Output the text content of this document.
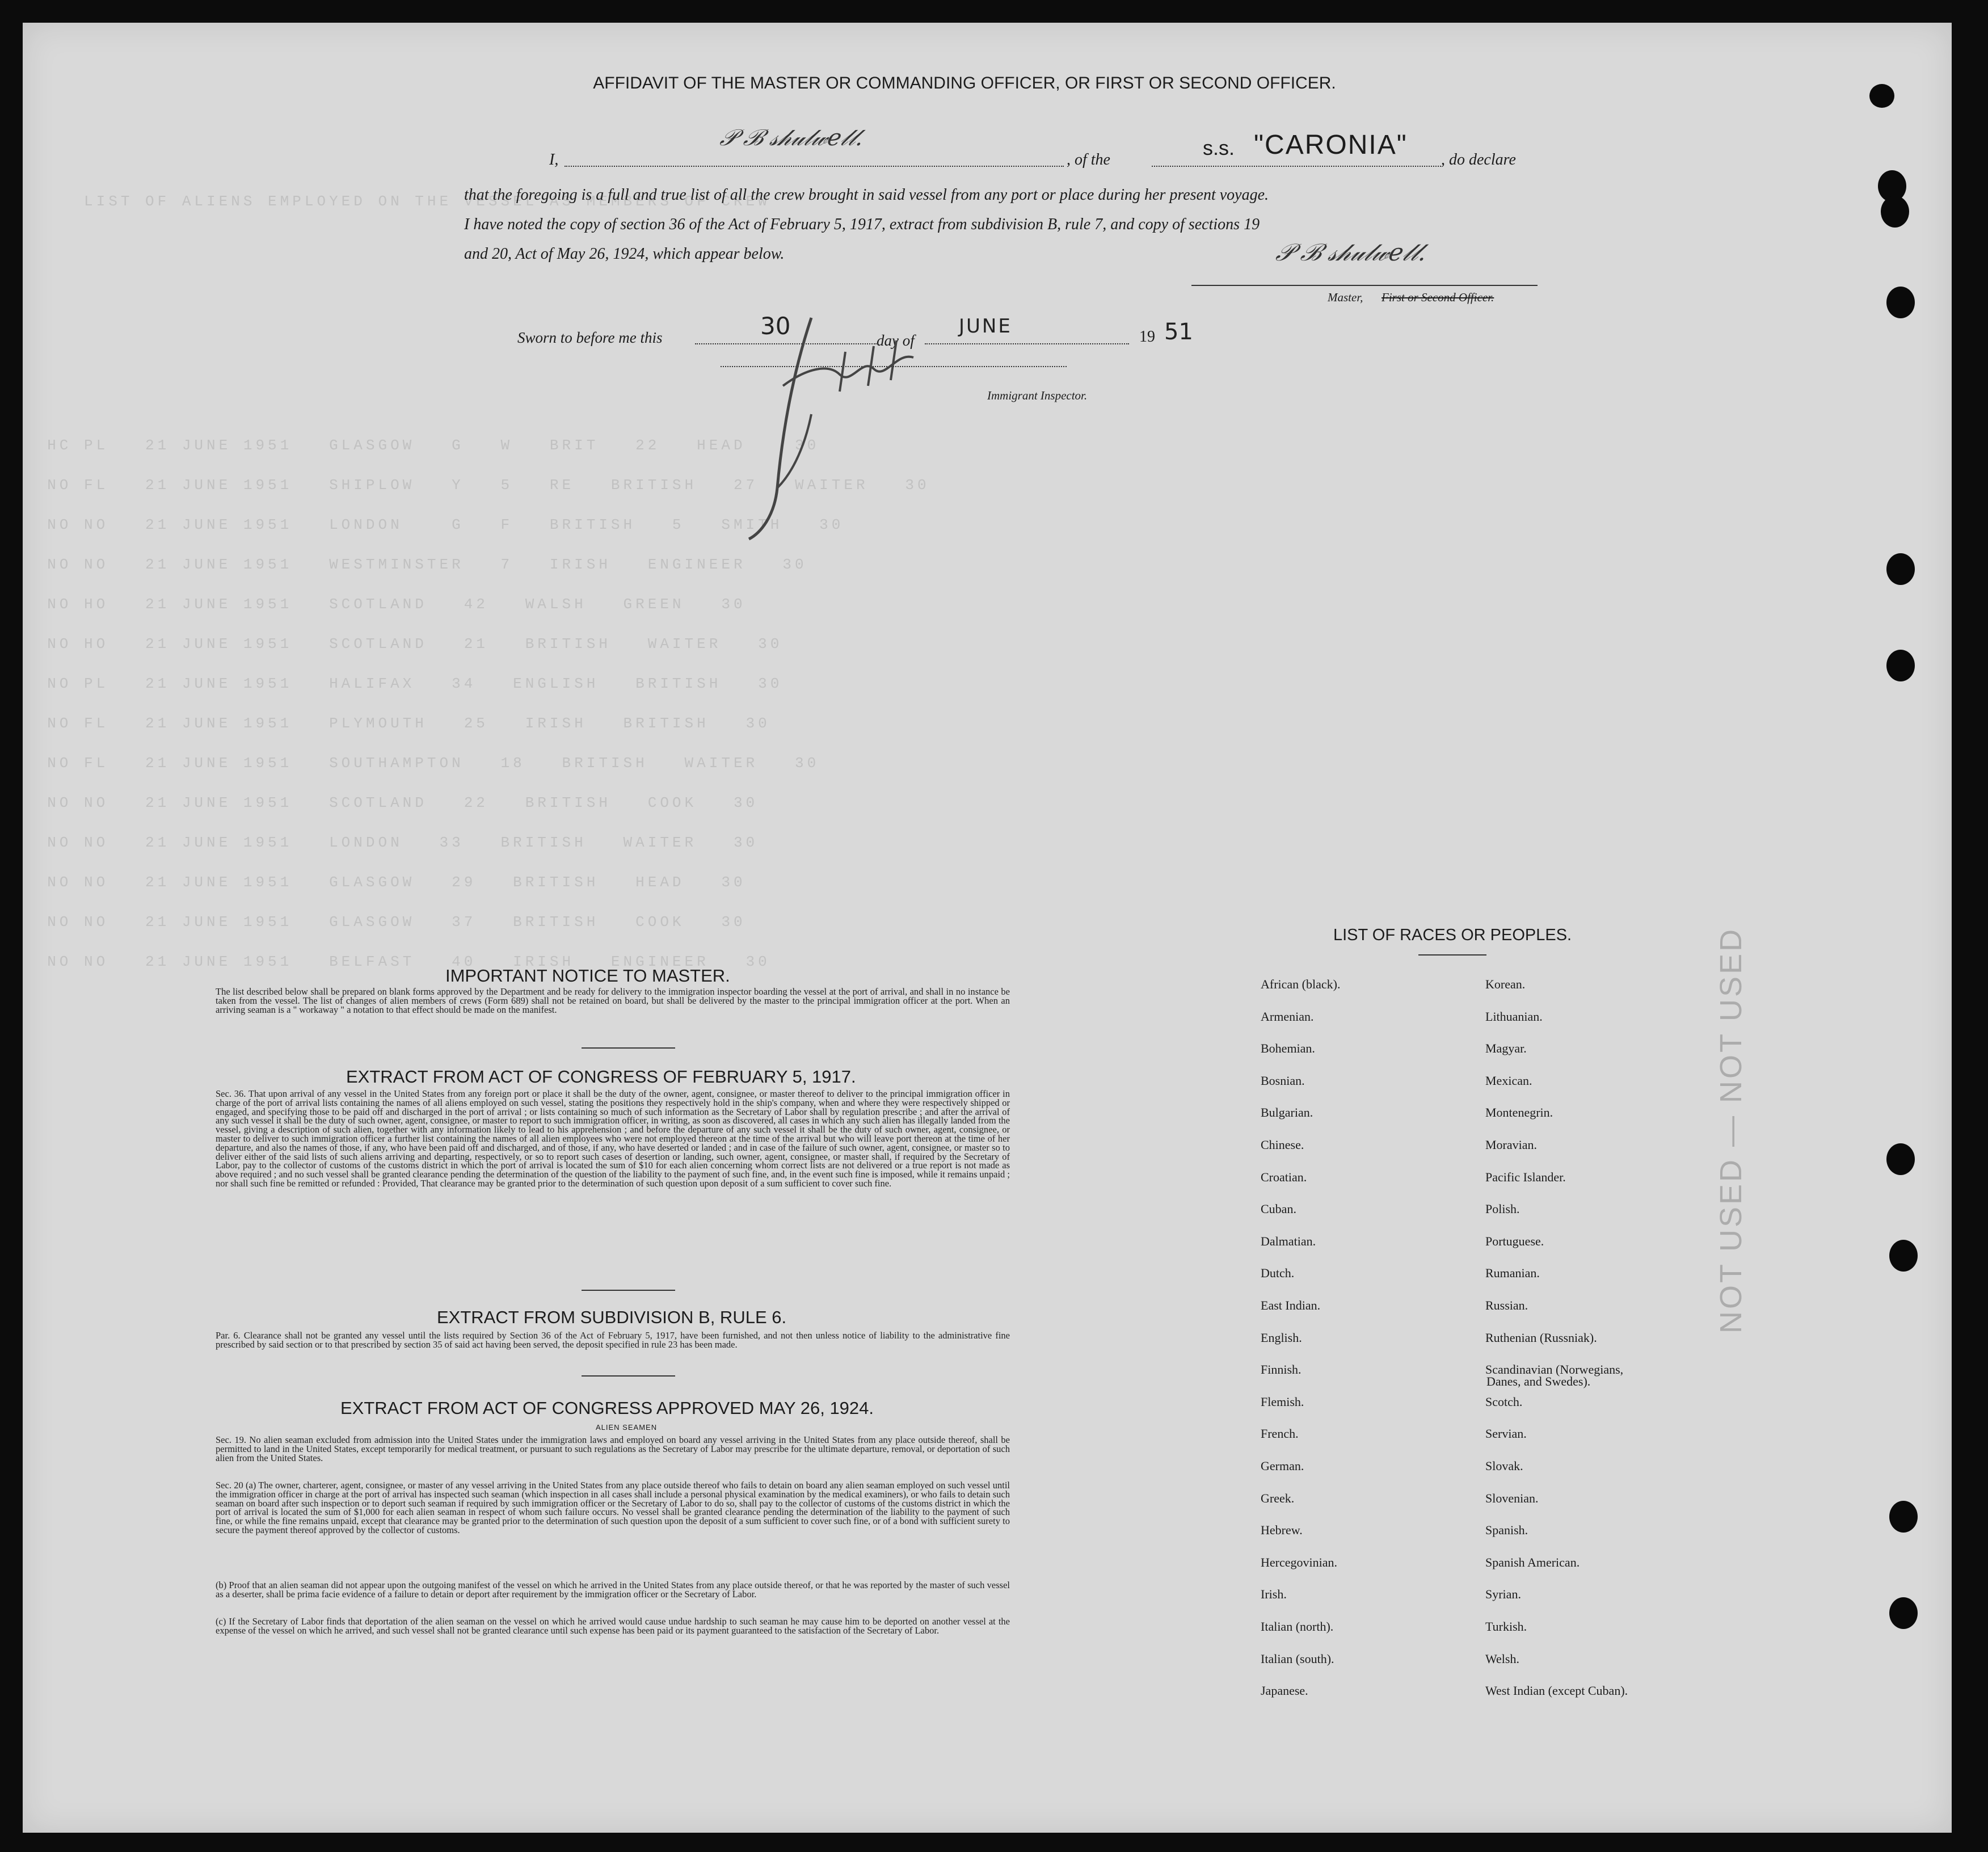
LIST OF ALIENS EMPLOYED ON THE VESSEL AS MEMBERS OF CREW
HC PL   21 JUNE 1951   GLASGOW   G   W   BRIT   22   HEAD    30
NO FL   21 JUNE 1951   SHIPLOW   Y   5   RE   BRITISH   27   WAITER   30
NO NO   21 JUNE 1951   LONDON    G   F   BRITISH   5   SMITH   30
NO NO   21 JUNE 1951   WESTMINSTER   7   IRISH   ENGINEER   30
NO HO   21 JUNE 1951   SCOTLAND   42   WALSH   GREEN   30
NO HO   21 JUNE 1951   SCOTLAND   21   BRITISH   WAITER   30
NO PL   21 JUNE 1951   HALIFAX   34   ENGLISH   BRITISH   30
NO FL   21 JUNE 1951   PLYMOUTH   25   IRISH   BRITISH   30
NO FL   21 JUNE 1951   SOUTHAMPTON   18   BRITISH   WAITER   30
NO NO   21 JUNE 1951   SCOTLAND   22   BRITISH   COOK   30
NO NO   21 JUNE 1951   LONDON   33   BRITISH   WAITER   30
NO NO   21 JUNE 1951   GLASGOW   29   BRITISH   HEAD   30
NO NO   21 JUNE 1951   GLASGOW   37   BRITISH   COOK   30
NO NO   21 JUNE 1951   BELFAST   40   IRISH   ENGINEER   30
AFFIDAVIT OF THE MASTER OR COMMANDING OFFICER, OR FIRST OR SECOND OFFICER.
I,
𝒫 ℬ 𝓈𝒽𝓊𝓁𝓌𝑒𝓁𝓁.
, of the
s.s. "CARONIA" , do declare
that the foregoing is a full and true list of all the crew brought in said vessel from any port or place during her present voyage.
I have noted the copy of section 36 of the Act of February 5, 1917, extract from subdivision B, rule 7, and copy of sections 19
and 20, Act of May 26, 1924, which appear below.	𝒫 ℬ 𝓈𝒽𝓊𝓁𝓌𝑒𝓁𝓁.
Master, First or Second Officer.
Sworn to before me this	30
day of
JUNE	19 51
Immigrant Inspector.
IMPORTANT NOTICE TO MASTER.
The list described below shall be prepared on blank forms approved by the Department and be ready for delivery to the immigration inspector boarding the vessel at the port of arrival, and shall in no instance be taken from the vessel. The list of changes of alien members of crews (Form 689) shall not be retained on board, but shall be delivered by the master to the principal immigration officer at the port. When an arriving seaman is a " workaway " a notation to that effect should be made on the manifest.
EXTRACT FROM ACT OF CONGRESS OF FEBRUARY 5, 1917.
Sec. 36. That upon arrival of any vessel in the United States from any foreign port or place it shall be the duty of the owner, agent, consignee, or master thereof to deliver to the principal immigration officer in charge of the port of arrival lists containing the names of all aliens employed on such vessel, stating the positions they respectively hold in the ship's company, when and where they were respectively shipped or engaged, and specifying those to be paid off and discharged in the port of arrival ; or lists containing so much of such information as the Secretary of Labor shall by regulation prescribe ; and after the arrival of any such vessel it shall be the duty of such owner, agent, consignee, or master to report to such immigration officer, in writing, as soon as discovered, all cases in which any such alien has illegally landed from the vessel, giving a description of such alien, together with any information likely to lead to his apprehension ; and before the departure of any such vessel it shall be the duty of such owner, agent, consignee, or master to deliver to such immigration officer a further list containing the names of all alien employees who were not employed thereon at the time of the arrival but who will leave port thereon at the time of her departure, and also the names of those, if any, who have been paid off and discharged, and of those, if any, who have deserted or landed ; and in case of the failure of such owner, agent, consignee, or master so to deliver either of the said lists of such aliens arriving and departing, respectively, or so to report such cases of desertion or landing, such owner, agent, consignee, or master shall, if required by the Secretary of Labor, pay to the collector of customs of the customs district in which the port of arrival is located the sum of $10 for each alien concerning whom correct lists are not delivered or a true report is not made as above required ; and no such vessel shall be granted clearance pending the determination of the question of the liability to the payment of such fine, and, in the event such fine is imposed, while it remains unpaid ; nor shall such fine be remitted or refunded : Provided, That clearance may be granted prior to the determination of such question upon deposit of a sum sufficient to cover such fine.
EXTRACT FROM SUBDIVISION B, RULE 6.
Par. 6. Clearance shall not be granted any vessel until the lists required by Section 36 of the Act of February 5, 1917, have been furnished, and not then unless notice of liability to the administrative fine prescribed by said section or to that prescribed by section 35 of said act having been served, the deposit specified in rule 23 has been made.
EXTRACT FROM ACT OF CONGRESS APPROVED MAY 26, 1924.
ALIEN SEAMEN
Sec. 19. No alien seaman excluded from admission into the United States under the immigration laws and employed on board any vessel arriving in the United States from any place outside thereof, shall be permitted to land in the United States, except temporarily for medical treatment, or pursuant to such regulations as the Secretary of Labor may prescribe for the ultimate departure, removal, or deportation of such alien from the United States.
Sec. 20 (a) The owner, charterer, agent, consignee, or master of any vessel arriving in the United States from any place outside thereof who fails to detain on board any alien seaman employed on such vessel until the immigration officer in charge at the port of arrival has inspected such seaman (which inspection in all cases shall include a personal physical examination by the medical examiners), or who fails to detain such seaman on board after such inspection or to deport such seaman if required by such immigration officer or the Secretary of Labor to do so, shall pay to the collector of customs of the customs district in which the port of arrival is located the sum of $1,000 for each alien seaman in respect of whom such failure occurs. No vessel shall be granted clearance pending the determination of the liability to the payment of such fine, or while the fine remains unpaid, except that clearance may be granted prior to the determination of such question upon the deposit of a sum sufficient to cover such fine, or of a bond with sufficient surety to secure the payment thereof approved by the collector of customs.
(b) Proof that an alien seaman did not appear upon the outgoing manifest of the vessel on which he arrived in the United States from any place outside thereof, or that he was reported by the master of such vessel as a deserter, shall be prima facie evidence of a failure to detain or deport after requirement by the immigration officer or the Secretary of Labor.
(c) If the Secretary of Labor finds that deportation of the alien seaman on the vessel on which he arrived would cause undue hardship to such seaman he may cause him to be deported on another vessel at the expense of the vessel on which he arrived, and such vessel shall not be granted clearance until such expense has been paid or its payment guaranteed to the satisfaction of the Secretary of Labor.
LIST OF RACES OR PEOPLES.
Danes, and Swedes).
NOT USED — NOT USED
African (black).
Armenian.
Bohemian.
Bosnian.
Bulgarian.
Chinese.
Croatian.
Cuban.
Dalmatian.
Dutch.
East Indian.
English.
Finnish.
Flemish.
French.
German.
Greek.
Hebrew.
Hercegovinian.
Irish.
Italian (north).
Italian (south).
Japanese.
Korean.
Lithuanian.
Magyar.
Mexican.
Montenegrin.
Moravian.
Pacific Islander.
Polish.
Portuguese.
Rumanian.
Russian.
Ruthenian (Russniak).
Scandinavian (Norwegians,
Scotch.
Servian.
Slovak.
Slovenian.
Spanish.
Spanish American.
Syrian.
Turkish.
Welsh.
West Indian (except Cuban).
